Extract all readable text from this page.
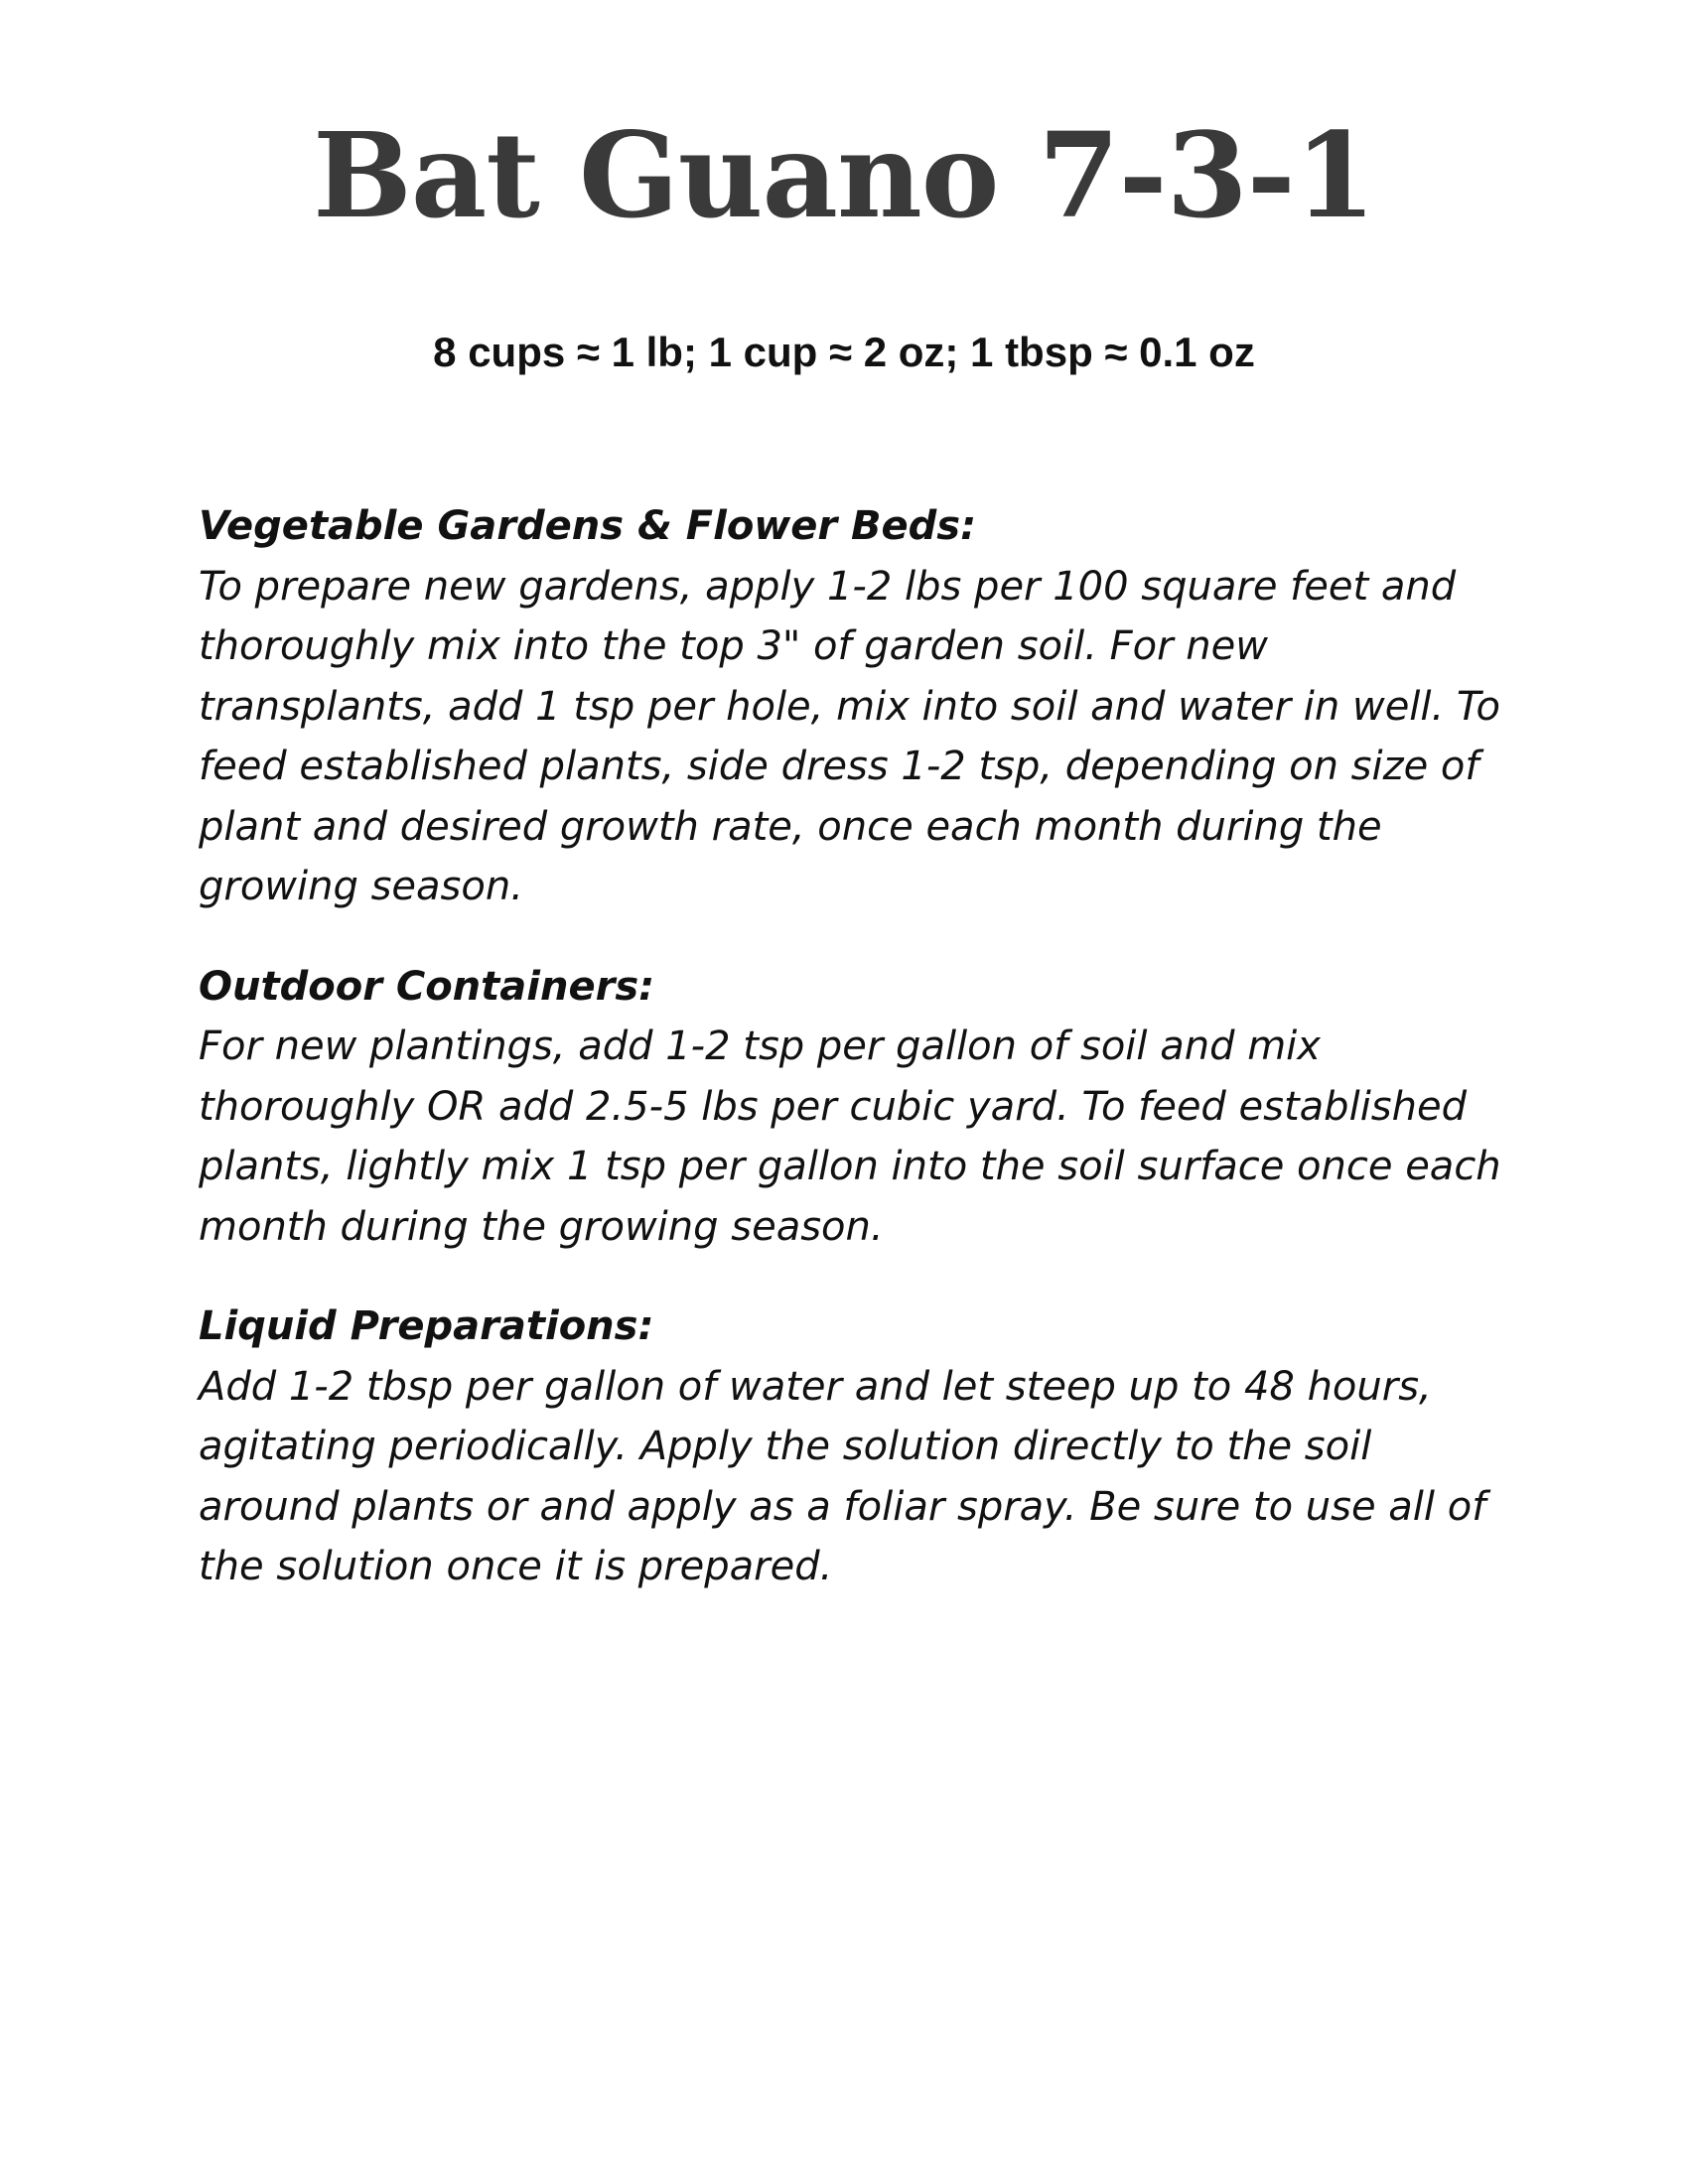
Bat Guano 7-3-1

8 cups ≈ 1 lb; 1 cup ≈ 2 oz; 1 tbsp ≈ 0.1 oz

Vegetable Gardens & Flower Beds:
To prepare new gardens, apply 1-2 lbs per 100 square feet and thoroughly mix into the top 3" of garden soil. For new transplants, add 1 tsp per hole, mix into soil and water in well. To feed established plants, side dress 1-2 tsp, depending on size of plant and desired growth rate, once each month during the growing season.
Outdoor Containers:
For new plantings, add 1-2 tsp per gallon of soil and mix thoroughly OR add 2.5-5 lbs per cubic yard. To feed established plants, lightly mix 1 tsp per gallon into the soil surface once each month during the growing season.
Liquid Preparations:
Add 1-2 tbsp per gallon of water and let steep up to 48 hours, agitating periodically. Apply the solution directly to the soil around plants or and apply as a foliar spray. Be sure to use all of the solution once it is prepared.
